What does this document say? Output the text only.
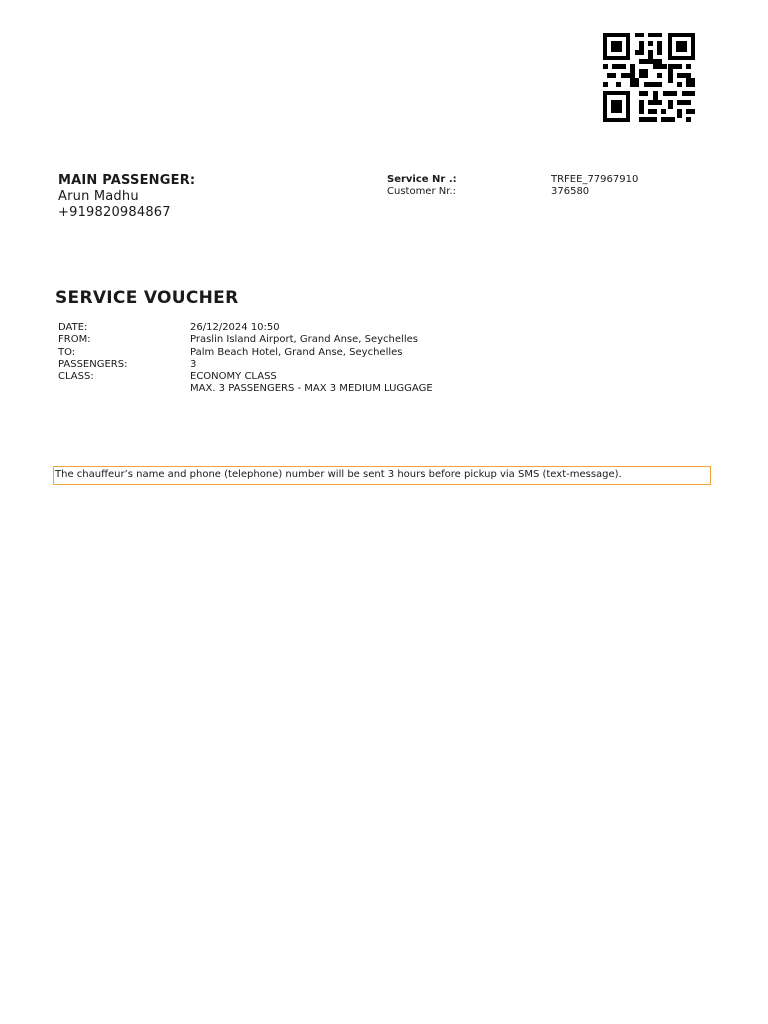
MAIN PASSENGER:
Arun Madhu
+919820984867
Service Nr .:	TRFEE_77967910
Customer Nr.:	376580
SERVICE VOUCHER
DATE:	26/12/2024 10:50
FROM:	Praslin Island Airport, Grand Anse, Seychelles
TO:	Palm Beach Hotel, Grand Anse, Seychelles
PASSENGERS:	3
CLASS:	ECONOMY CLASS
MAX. 3 PASSENGERS - MAX 3 MEDIUM LUGGAGE
The chauffeur’s name and phone (telephone) number will be sent 3 hours before pickup via SMS (text-message).
